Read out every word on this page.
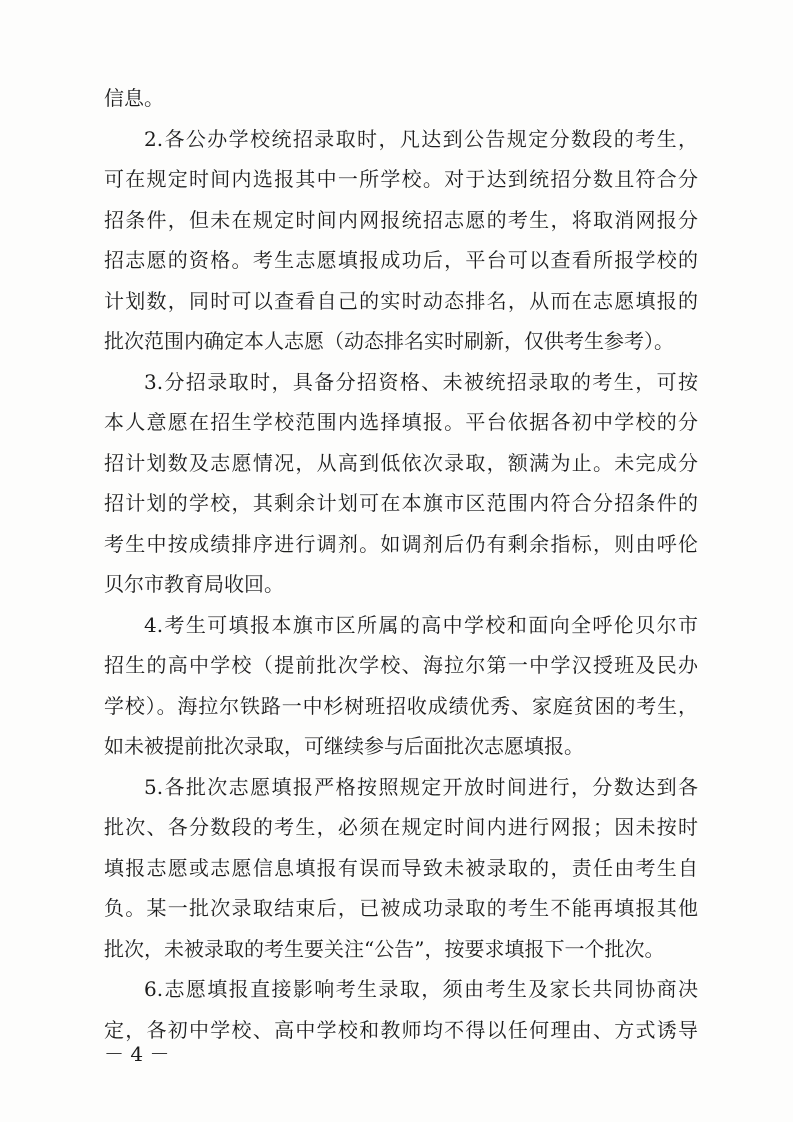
信息。
2.各公办学校统招录取时，凡达到公告规定分数段的考生，
可在规定时间内选报其中一所学校。对于达到统招分数且符合分
招条件，但未在规定时间内网报统招志愿的考生，将取消网报分
招志愿的资格。考生志愿填报成功后，平台可以查看所报学校的
计划数，同时可以查看自己的实时动态排名，从而在志愿填报的
批次范围内确定本人志愿（动态排名实时刷新，仅供考生参考）。
3.分招录取时，具备分招资格、未被统招录取的考生，可按
本人意愿在招生学校范围内选择填报。平台依据各初中学校的分
招计划数及志愿情况，从高到低依次录取，额满为止。未完成分
招计划的学校，其剩余计划可在本旗市区范围内符合分招条件的
考生中按成绩排序进行调剂。如调剂后仍有剩余指标，则由呼伦
贝尔市教育局收回。
4.考生可填报本旗市区所属的高中学校和面向全呼伦贝尔市
招生的高中学校（提前批次学校、海拉尔第一中学汉授班及民办
学校）。海拉尔铁路一中杉树班招收成绩优秀、家庭贫困的考生，
如未被提前批次录取，可继续参与后面批次志愿填报。
5.各批次志愿填报严格按照规定开放时间进行，分数达到各
批次、各分数段的考生，必须在规定时间内进行网报；因未按时
填报志愿或志愿信息填报有误而导致未被录取的，责任由考生自
负。某一批次录取结束后，已被成功录取的考生不能再填报其他
批次，未被录取的考生要关注“公告”，按要求填报下一个批次。
6.志愿填报直接影响考生录取，须由考生及家长共同协商决
定，各初中学校、高中学校和教师均不得以任何理由、方式诱导
－ 4 －
